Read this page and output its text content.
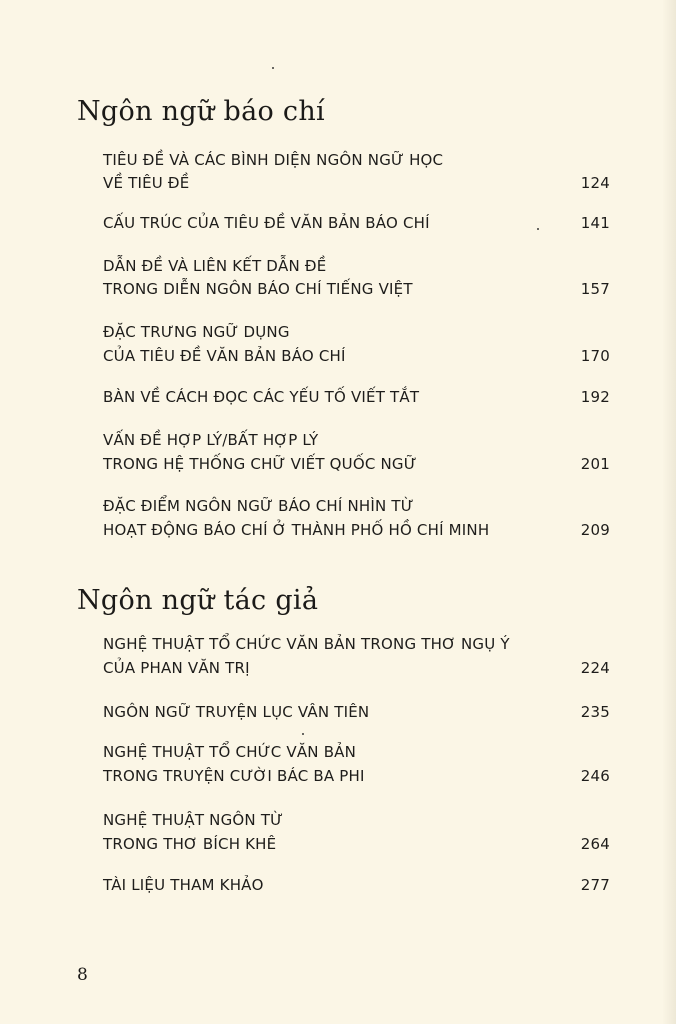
Ngôn ngữ báo chí
TIÊU ĐỀ VÀ CÁC BÌNH DIỆN NGÔN NGỮ HỌC
VỀ TIÊU ĐỀ	124
CẤU TRÚC CỦA TIÊU ĐỀ VĂN BẢN BÁO CHÍ	141
DẪN ĐỀ VÀ LIÊN KẾT DẪN ĐỀ
TRONG DIỄN NGÔN BÁO CHÍ TIẾNG VIỆT	157
ĐẶC TRƯNG NGỮ DỤNG
CỦA TIÊU ĐỀ VĂN BẢN BÁO CHÍ	170
BÀN VỀ CÁCH ĐỌC CÁC YẾU TỐ VIẾT TẮT	192
VẤN ĐỀ HỢP LÝ/BẤT HỢP LÝ
TRONG HỆ THỐNG CHỮ VIẾT QUỐC NGỮ	201
ĐẶC ĐIỂM NGÔN NGỮ BÁO CHÍ NHÌN TỪ
HOẠT ĐỘNG BÁO CHÍ Ở THÀNH PHỐ HỒ CHÍ MINH	209
Ngôn ngữ tác giả
NGHỆ THUẬT TỔ CHỨC VĂN BẢN TRONG THƠ NGỤ Ý
CỦA PHAN VĂN TRỊ	224
NGÔN NGỮ TRUYỆN LỤC VÂN TIÊN	235
NGHỆ THUẬT TỔ CHỨC VĂN BẢN
TRONG TRUYỆN CƯỜI BÁC BA PHI	246
NGHỆ THUẬT NGÔN TỪ
TRONG THƠ BÍCH KHÊ	264
TÀI LIỆU THAM KHẢO	277
8
